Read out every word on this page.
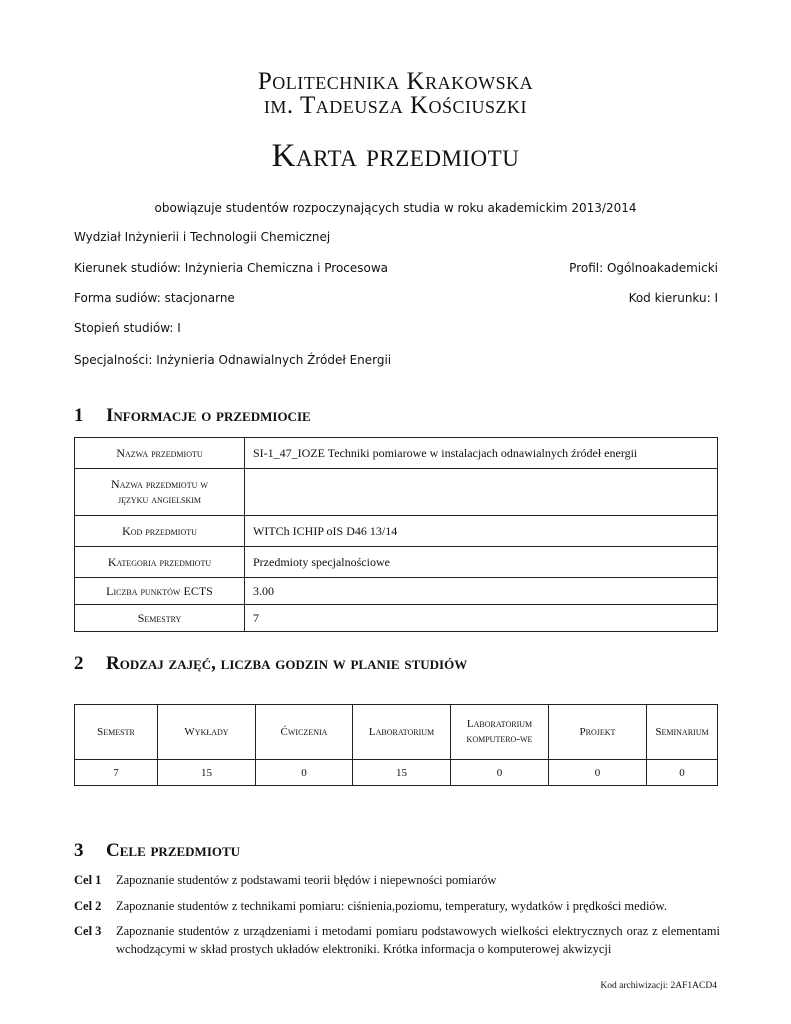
Politechnika Krakowska
im. Tadeusza Kościuszki
Karta przedmiotu
obowiązuje studentów rozpoczynających studia w roku akademickim 2013/2014
Wydział Inżynierii i Technologii Chemicznej
Kierunek studiów: Inżynieria Chemiczna i Procesowa	Profil: Ogólnoakademicki
Forma sudiów: stacjonarne	Kod kierunku: I
Stopień studiów: I
Specjalności: Inżynieria Odnawialnych Źródeł Energii
1 Informacje o przedmiocie
Nazwa przedmiotu	SI-1_47_IOZE Techniki pomiarowe w instalacjach odnawialnych źródeł energii
Nazwa przedmiotu w języku angielskim	
Kod przedmiotu	WITCh ICHIP oIS D46 13/14
Kategoria przedmiotu	Przedmioty specjalnościowe
Liczba punktów ECTS	3.00
Semestry	7
2 Rodzaj zajęć, liczba godzin w planie studiów
Semestr	Wykłady	Ćwiczenia	Laboratorium	Laboratorium komputero-we	Projekt	Seminarium
7	15	0	15	0	0	0
3 Cele przedmiotu
Cel 1 Zapoznanie studentów z podstawami teorii błędów i niepewności pomiarów
Cel 2 Zapoznanie studentów z technikami pomiaru: ciśnienia,poziomu, temperatury, wydatków i prędkości mediów.
Cel 3 Zapoznanie studentów z urządzeniami i metodami pomiaru podstawowych wielkości elektrycznych oraz z elementami wchodzącymi w skład prostych układów elektroniki. Krótka informacja o komputerowej akwizycji
Kod archiwizacji: 2AF1ACD4
